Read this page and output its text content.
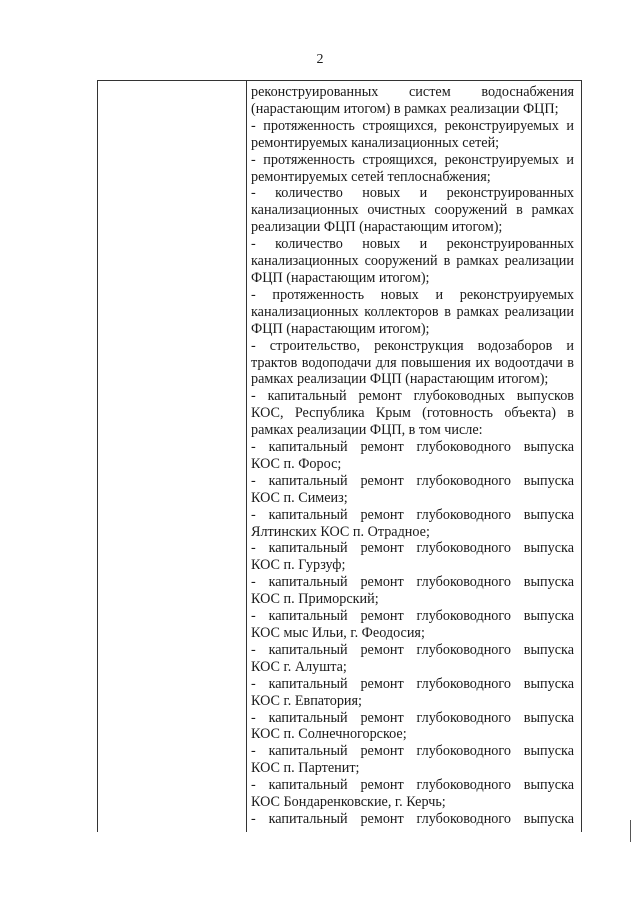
2
реконструированных систем водоснабжения
(нарастающим итогом) в рамках реализации ФЦП;
- протяженность строящихся, реконструируемых и
ремонтируемых канализационных сетей;
- протяженность строящихся, реконструируемых и
ремонтируемых сетей теплоснабжения;
- количество новых и реконструированных
канализационных очистных сооружений в рамках
реализации ФЦП (нарастающим итогом);
- количество новых и реконструированных
канализационных сооружений в рамках реализации
ФЦП (нарастающим итогом);
- протяженность новых и реконструируемых
канализационных коллекторов в рамках реализации
ФЦП (нарастающим итогом);
- строительство, реконструкция водозаборов и
трактов водоподачи для повышения их водоотдачи в
рамках реализации ФЦП (нарастающим итогом);
- капитальный ремонт глубоководных выпусков
КОС, Республика Крым (готовность объекта) в
рамках реализации ФЦП, в том числе:
- капитальный ремонт глубоководного выпуска
КОС п. Форос;
- капитальный ремонт глубоководного выпуска
КОС п. Симеиз;
- капитальный ремонт глубоководного выпуска
Ялтинских КОС п. Отрадное;
- капитальный ремонт глубоководного выпуска
КОС п. Гурзуф;
- капитальный ремонт глубоководного выпуска
КОС п. Приморский;
- капитальный ремонт глубоководного выпуска
КОС мыс Ильи, г. Феодосия;
- капитальный ремонт глубоководного выпуска
КОС г. Алушта;
- капитальный ремонт глубоководного выпуска
КОС г. Евпатория;
- капитальный ремонт глубоководного выпуска
КОС п. Солнечногорское;
- капитальный ремонт глубоководного выпуска
КОС п. Партенит;
- капитальный ремонт глубоководного выпуска
КОС Бондаренковские, г. Керчь;
- капитальный ремонт глубоководного выпуска
